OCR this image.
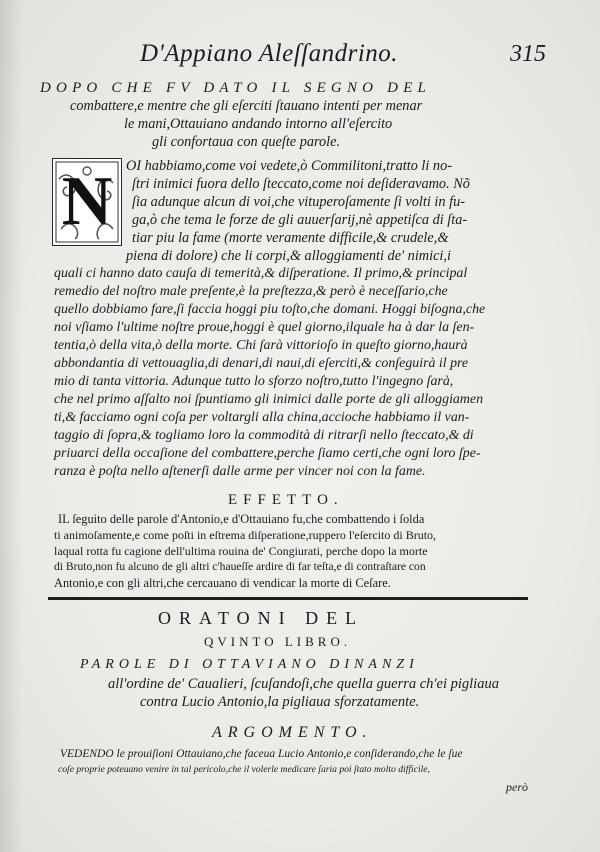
D'Appiano Aleſſandrino.	315
DOPO CHE FV DATO IL SEGNO DEL
combattere,e mentre che gli eſerciti ſtauano intenti per menar
le mani,Ottauiano andando intorno all'eſercito
gli confortaua con queſte parole.
N OI habbiamo,come voi vedete,ò Commilitoni,tratto li no-
ſtri inimici fuora dello ſteccato,come noi deſideravamo. Nõ
ſia adunque alcun di voi,che vituperoſamente ſi volti in fu-
ga,ò che tema le forze de gli auuerſarij,nè appetiſca di ſta-
tiar piu la fame (morte veramente difficile,& crudele,&
piena di dolore) che li corpi,& alloggiamenti de' nimici,i
quali ci hanno dato cauſa di temerità,& diſperatione. Il primo,& principal
remedio del noſtro male preſente,è la preſtezza,& però è neceſſario,che
quello dobbiamo fare,ſi faccia hoggi piu toſto,che domani. Hoggi biſogna,che
noi vſiamo l'ultime noſtre proue,hoggi è quel giorno,ilquale ha à dar la ſen-
tentia,ò della vita,ò della morte. Chi ſarà vittorioſo in queſto giorno,haurà
abbondantia di vettouaglia,di denari,di naui,di eſerciti,& conſeguirà il pre
mio di tanta vittoria. Adunque tutto lo sforzo noſtro,tutto l'ingegno ſarà,
che nel primo aſſalto noi ſpuntiamo gli inimici dalle porte de gli alloggiamen
ti,& facciamo ogni coſa per voltargli alla china,accioche habbiamo il van-
taggio di ſopra,& togliamo loro la commodità di ritrarſi nello ſteccato,& di
priuarci della occaſione del combattere,perche ſiamo certi,che ogni loro ſpe-
ranza è poſta nello aſtenerſi dalle arme per vincer noi con la fame.
EFFETTO.
IL ſeguito delle parole d'Antonio,e d'Ottauiano fu,che combattendo i ſolda
ti animoſamente,e come poſti in eſtrema diſperatione,ruppero l'eſercito di Bruto,
laqual rotta fu cagione dell'ultima rouina de' Congiurati, perche dopo la morte
di Bruto,non fu alcuno de gli altri c'haueſſe ardire di far teſta,e di contraſtare con
Antonio,e con gli altri,che cercauano di vendicar la morte di Ceſare.
ORATONI DEL
QVINTO LIBRO.
PAROLE DI OTTAVIANO DINANZI
all'ordine de' Caualieri, ſcuſandoſi,che quella guerra ch'ei pigliaua
contra Lucio Antonio,la pigliaua sforzatamente.
ARGOMENTO.
VEDENDO le prouiſioni Ottauiano,che faceua Lucio Antonio,e conſiderando,che le ſue
coſe proprie poteuano venire in tal pericolo,che il volerle medicare ſaria poi ſtato molto difficile,
però
